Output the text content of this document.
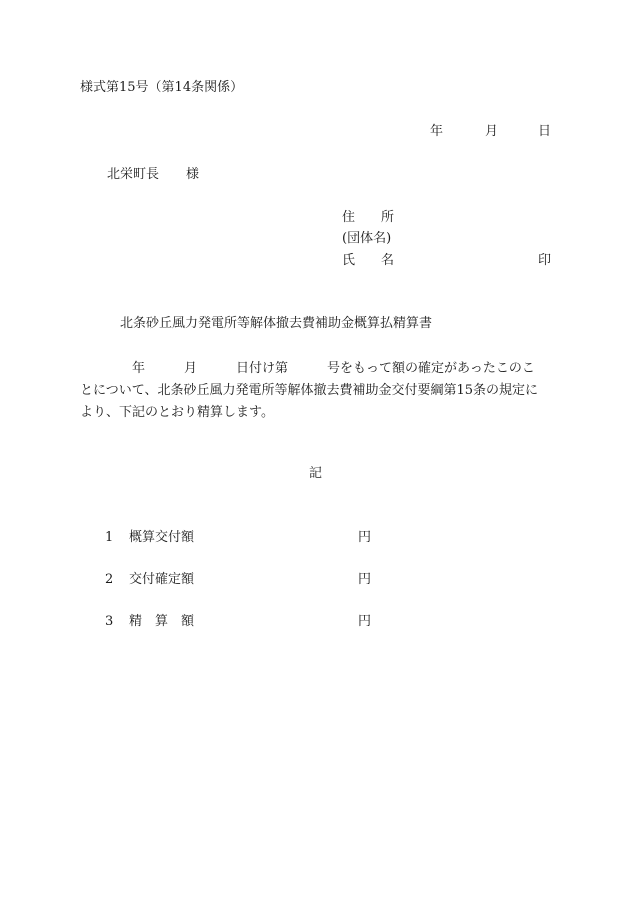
様式第15号（第14条関係）
年	月	日
北栄町長 様
住 所
(団体名)
氏 名	印
北条砂丘風力発電所等解体撤去費補助金概算払精算書
　　　　年　　　月　　　日付け第　　　号をもって額の確定があったこのこ
とについて、北条砂丘風力発電所等解体撤去費補助金交付要綱第15条の規定に
より、下記のとおり精算します。
記
1 概算交付額	円
2 交付確定額	円
3 精　算　額	円
